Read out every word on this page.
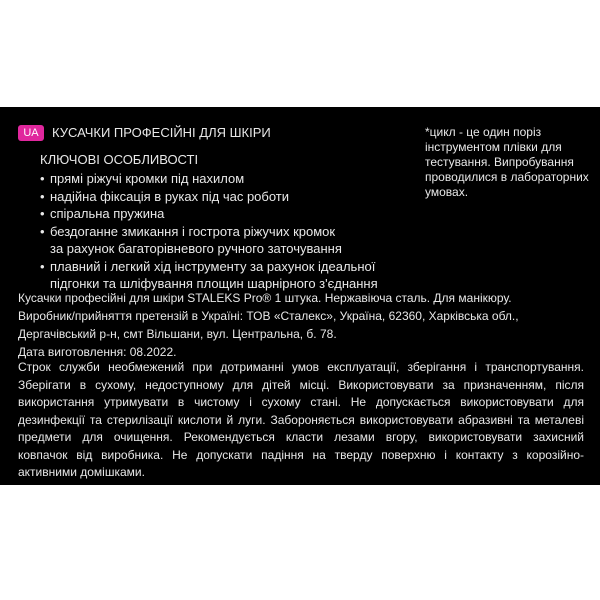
UA	КУСАЧКИ ПРОФЕСІЙНІ ДЛЯ ШКІРИ
КЛЮЧОВІ ОСОБЛИВОСТІ
• прямі ріжучі кромки під нахилом
• надійна фіксація в руках під час роботи
• спіральна пружина
• бездоганне змикання і гострота ріжучих кромок
за рахунок багаторівневого ручного заточування
• плавний і легкий хід інструменту за рахунок ідеальної
підгонки та шліфування площин шарнірного з'єднання
*цикл - це один поріз інструментом плівки для тестування. Випробування проводилися в лабораторних умовах.
Кусачки професійні для шкіри STALEKS Pro® 1 штука. Нержавіюча сталь. Для манікюру.
Виробник/прийняття претензій в Україні: ТОВ «Сталекс», Україна, 62360, Харківська обл.,
Дергачівський р-н, смт Вільшани, вул. Центральна, б. 78.
Дата виготовлення: 08.2022.
Строк служби необмежений при дотриманні умов експлуатації, зберігання і транспортування.
Зберігати в сухому, недоступному для дітей місці. Використовувати за призначенням, після
використання утримувати в чистому і сухому стані. Не допускається використовувати для
дезинфекції та стерилізації кислоти й луги. Забороняється використовувати абразивні та металеві
предмети для очищення. Рекомендується класти лезами вгору, використовувати захисний
ковпачок від виробника. Не допускати падіння на тверду поверхню і контакту з корозійно-
активними домішками.
